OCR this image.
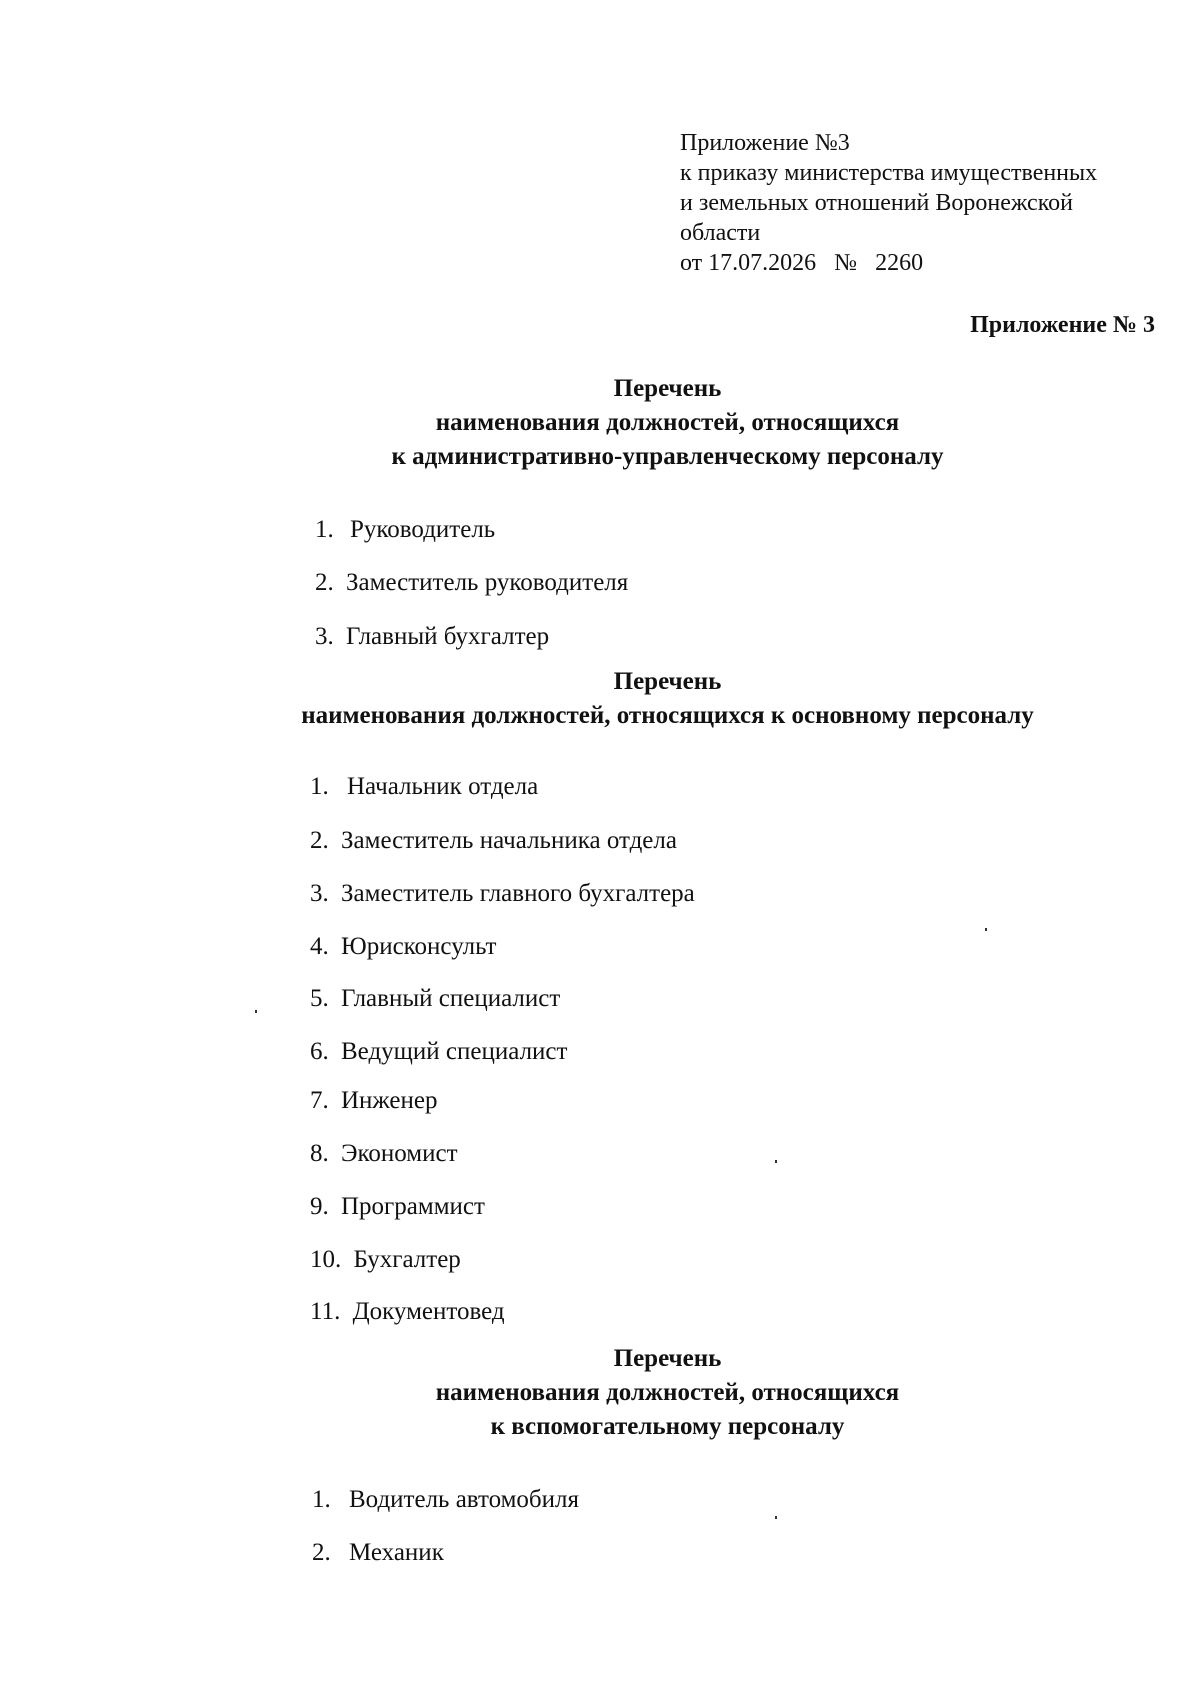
Приложение №3
к приказу министерства имущественных
и земельных отношений Воронежской
области
от 17.07.2026   №   2260
Приложение № 3
Перечень
наименования должностей, относящихся
к административно-управленческому персоналу
1. Руководитель
2. Заместитель руководителя
3. Главный бухгалтер
Перечень
наименования должностей, относящихся к основному персоналу
1. Начальник отдела
2. Заместитель начальника отдела
3. Заместитель главного бухгалтера
4. Юрисконсульт
5. Главный специалист
6. Ведущий специалист
7. Инженер
8. Экономист
9. Программист
10. Бухгалтер
11. Документовед
Перечень
наименования должностей, относящихся
к вспомогательному персоналу
1. Водитель автомобиля
2. Механик
